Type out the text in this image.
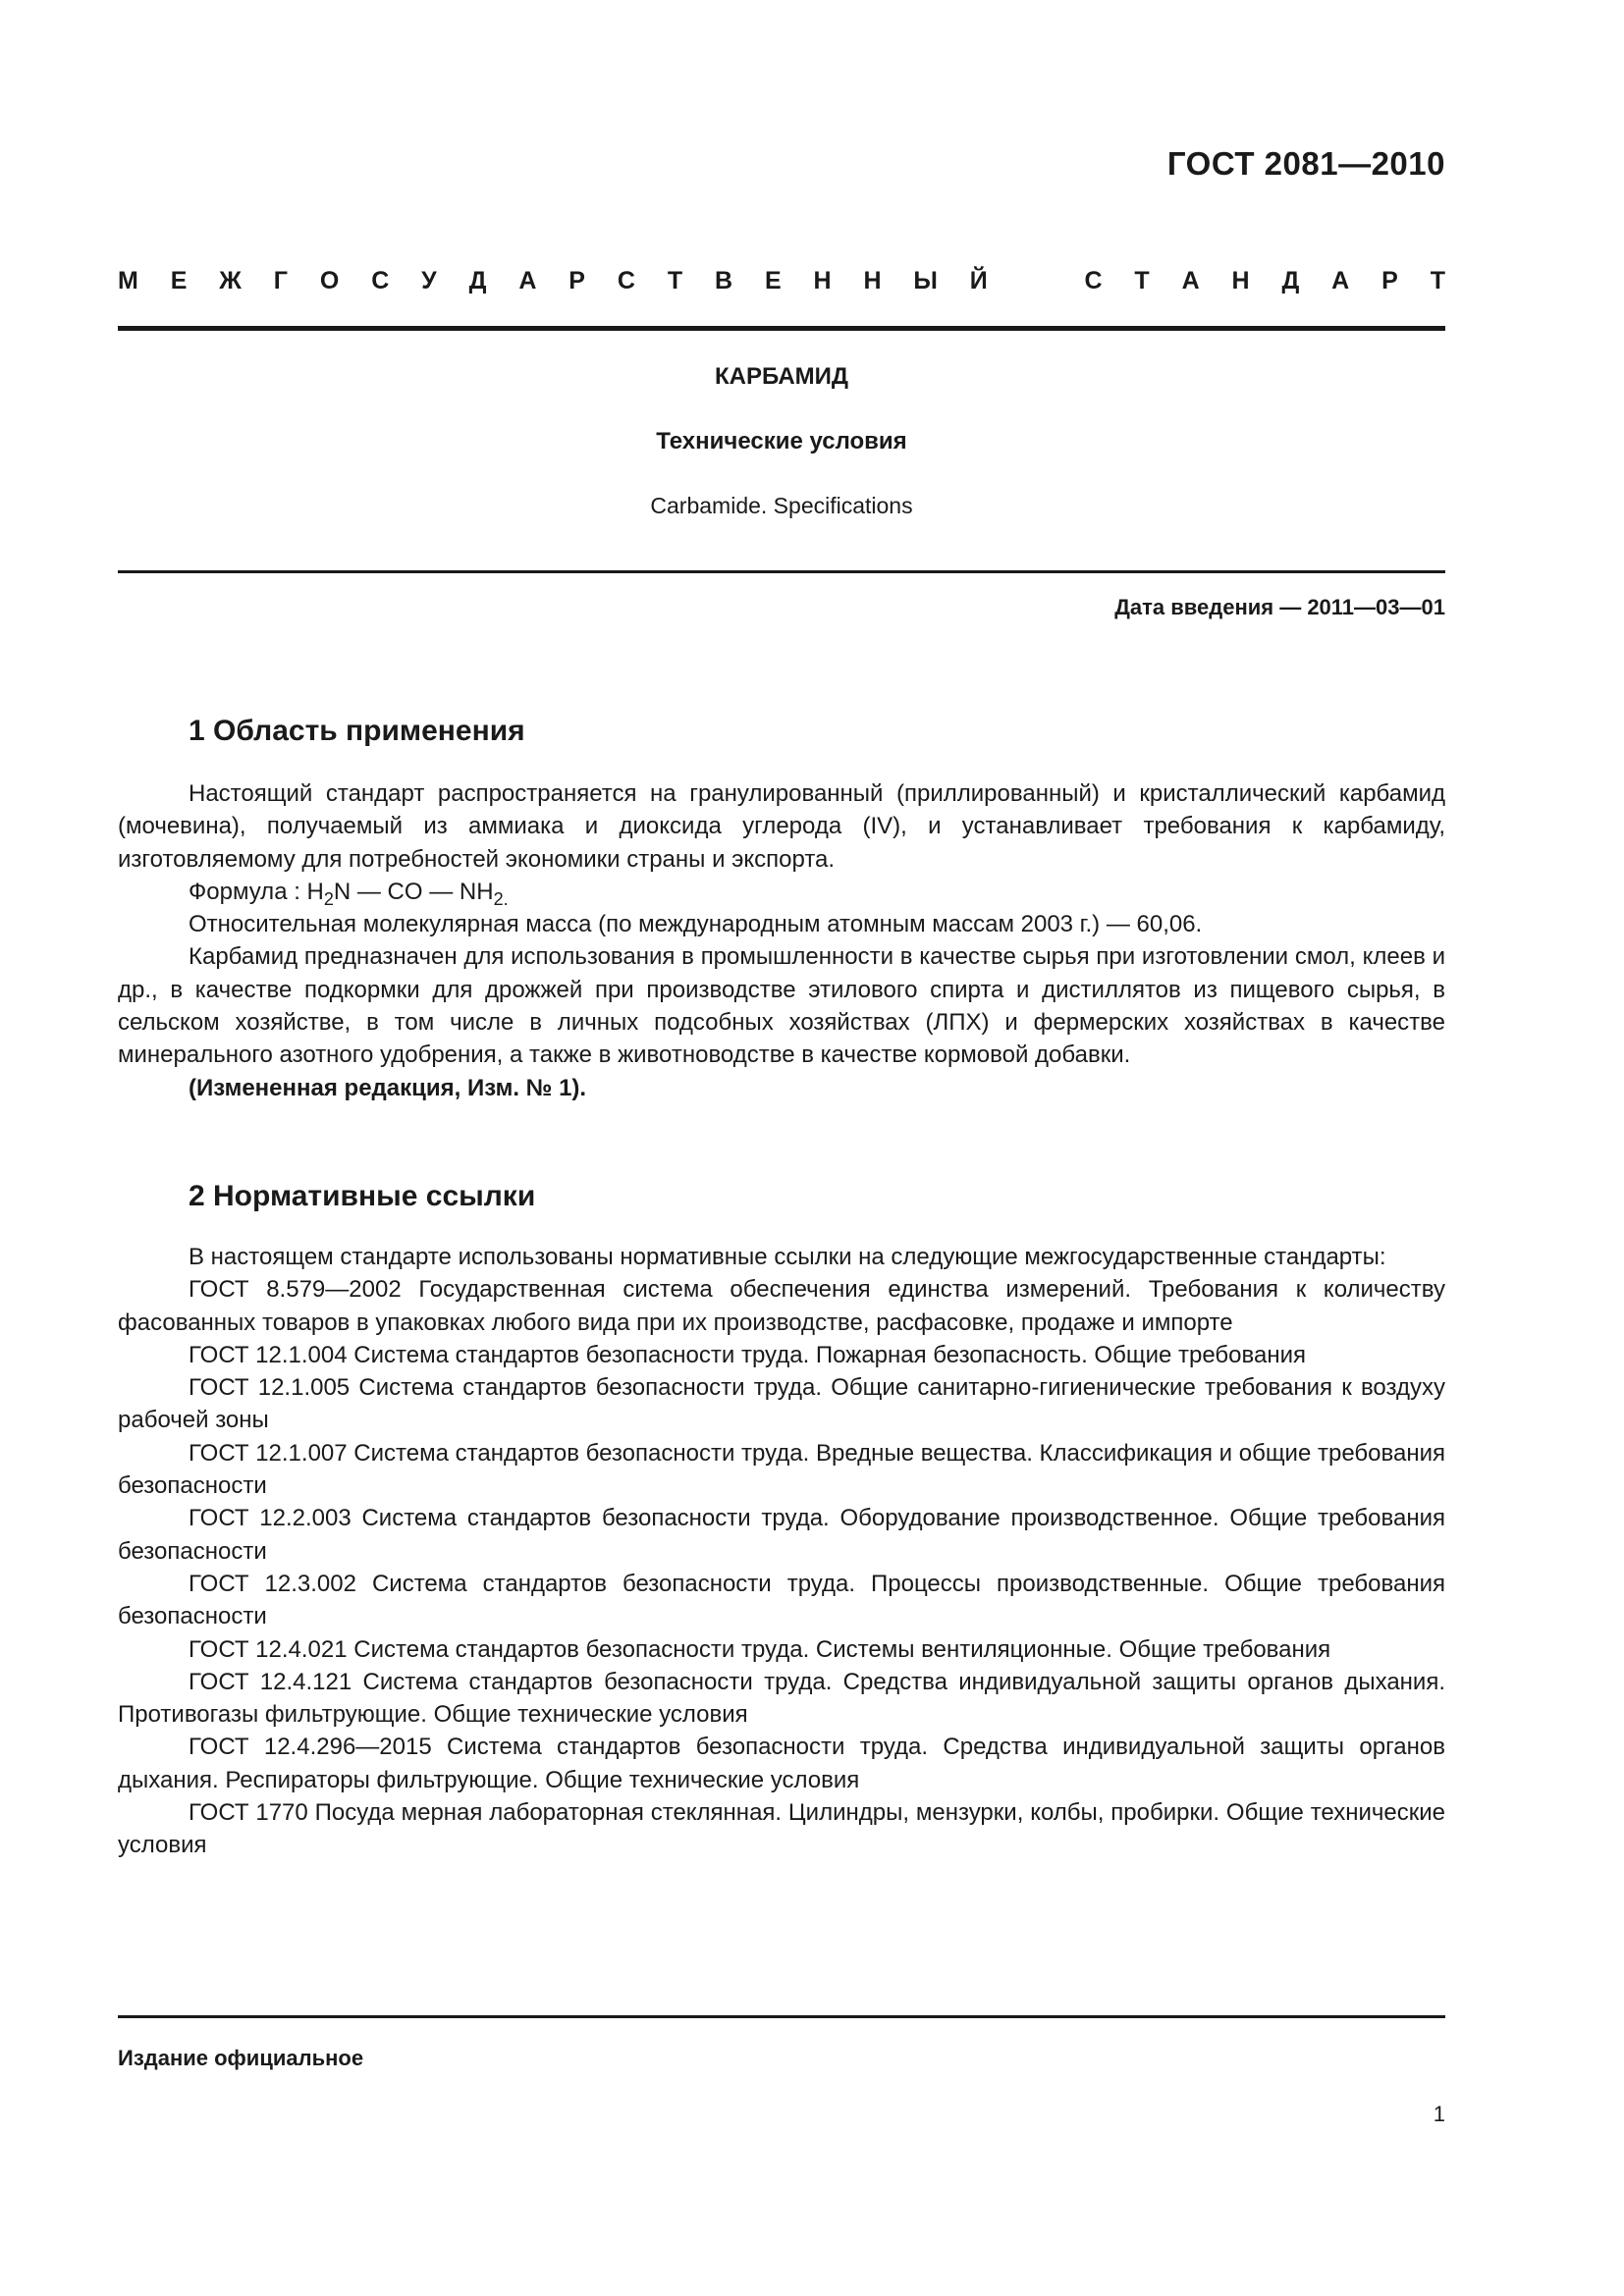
ГОСТ 2081—2010
М Е Ж Г О С У Д А Р С Т В Е Н Н Ы Й	С Т А Н Д А Р Т
КАРБАМИД
Технические условия
Carbamide. Specifications
Дата введения — 2011—03—01
1 Область применения

Настоящий стандарт распространяется на гранулированный (приллированный) и кристаллический карбамид (мочевина), получаемый из аммиака и диоксида углерода (IV), и устанавливает требования к карбамиду, изготовляемому для потребностей экономики страны и экспорта.

Формула : $H_2N$ — CO — $NH_{2.}$

Относительная молекулярная масса (по международным атомным массам 2003 г.) — 60,06.

Карбамид предназначен для использования в промышленности в качестве сырья при изготовлении смол, клеев и др., в качестве подкормки для дрожжей при производстве этилового спирта и дистиллятов из пищевого сырья, в сельском хозяйстве, в том числе в личных подсобных хозяйствах (ЛПХ) и фермерских хозяйствах в качестве минерального азотного удобрения, а также в животноводстве в качестве кормовой добавки.

(Измененная редакция, Изм. № 1).

2 Нормативные ссылки

В настоящем стандарте использованы нормативные ссылки на следующие межгосударственные стандарты:

ГОСТ 8.579—2002 Государственная система обеспечения единства измерений. Требования к количеству фасованных товаров в упаковках любого вида при их производстве, расфасовке, продаже и импорте

ГОСТ 12.1.004 Система стандартов безопасности труда. Пожарная безопасность. Общие требования

ГОСТ 12.1.005 Система стандартов безопасности труда. Общие санитарно-гигиенические требования к воздуху рабочей зоны

ГОСТ 12.1.007 Система стандартов безопасности труда. Вредные вещества. Классификация и общие требования безопасности

ГОСТ 12.2.003 Система стандартов безопасности труда. Оборудование производственное. Общие требования безопасности

ГОСТ 12.3.002 Система стандартов безопасности труда. Процессы производственные. Общие требования безопасности

ГОСТ 12.4.021 Система стандартов безопасности труда. Системы вентиляционные. Общие требования

ГОСТ 12.4.121 Система стандартов безопасности труда. Средства индивидуальной защиты органов дыхания. Противогазы фильтрующие. Общие технические условия

ГОСТ 12.4.296—2015 Система стандартов безопасности труда. Средства индивидуальной защиты органов дыхания. Респираторы фильтрующие. Общие технические условия

ГОСТ 1770 Посуда мерная лабораторная стеклянная. Цилиндры, мензурки, колбы, пробирки. Общие технические условия

Издание официальное
1
